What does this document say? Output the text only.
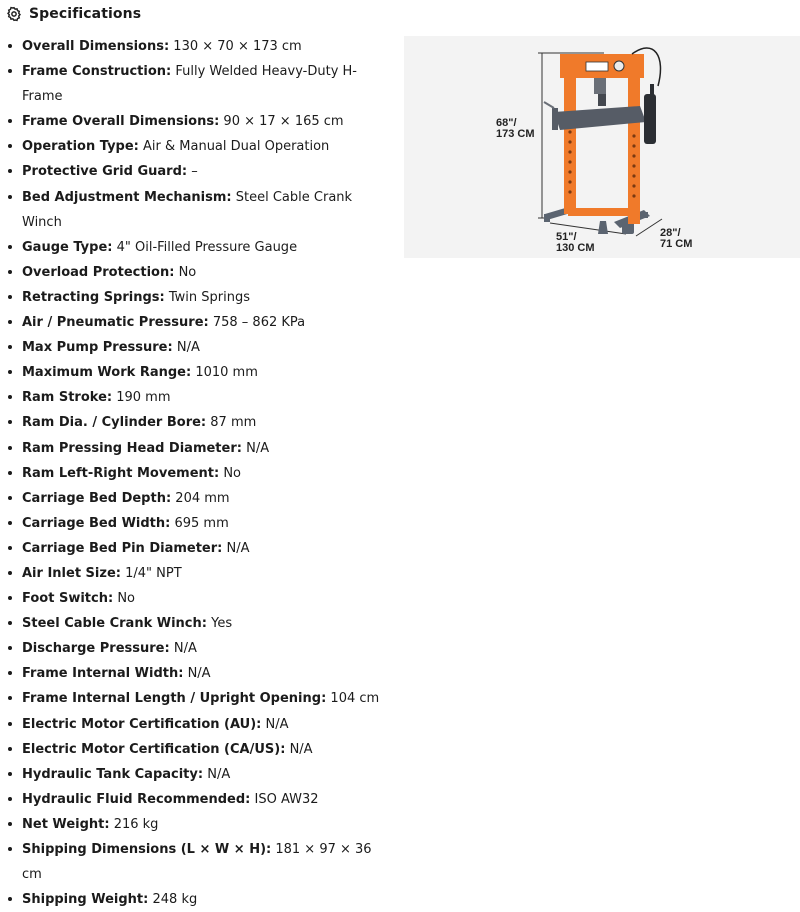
Specifications
Overall Dimensions: 130 × 70 × 173 cm
Frame Construction: Fully Welded Heavy-Duty H-Frame
Frame Overall Dimensions: 90 × 17 × 165 cm
Operation Type: Air & Manual Dual Operation
Protective Grid Guard: –
Bed Adjustment Mechanism: Steel Cable Crank Winch
Gauge Type: 4" Oil-Filled Pressure Gauge
Overload Protection: No
Retracting Springs: Twin Springs
Air / Pneumatic Pressure: 758 – 862 KPa
Max Pump Pressure: N/A
Maximum Work Range: 1010 mm
Ram Stroke: 190 mm
Ram Dia. / Cylinder Bore: 87 mm
Ram Pressing Head Diameter: N/A
Ram Left-Right Movement: No
Carriage Bed Depth: 204 mm
Carriage Bed Width: 695 mm
Carriage Bed Pin Diameter: N/A
Air Inlet Size: 1/4" NPT
Foot Switch: No
Steel Cable Crank Winch: Yes
Discharge Pressure: N/A
Frame Internal Width: N/A
Frame Internal Length / Upright Opening: 104 cm
Electric Motor Certification (AU): N/A
Electric Motor Certification (CA/US): N/A
Hydraulic Tank Capacity: N/A
Hydraulic Fluid Recommended: ISO AW32
Net Weight: 216 kg
Shipping Dimensions (L × W × H): 181 × 97 × 36 cm
Shipping Weight: 248 kg
68"/
173 CM
51"/
130 CM
28"/
71 CM
